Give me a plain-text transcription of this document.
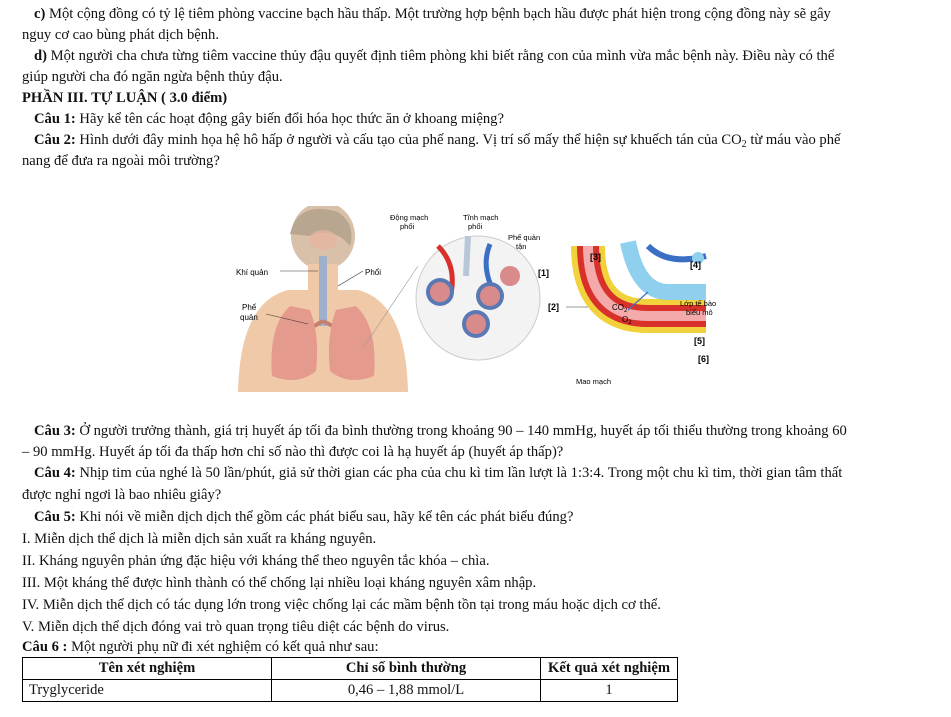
c) Một cộng đồng có tỷ lệ tiêm phòng vaccine bạch hầu thấp. Một trường hợp bệnh bạch hầu được phát hiện trong cộng đồng này sẽ gây
nguy cơ cao bùng phát dịch bệnh.
d) Một người cha chưa từng tiêm vaccine thủy đậu quyết định tiêm phòng khi biết rằng con của mình vừa mắc bệnh này. Điều này có thể
giúp người cha đó ngăn ngừa bệnh thủy đậu.
PHẦN III. TỰ LUẬN ( 3.0 điểm)
Câu 1: Hãy kể tên các hoạt động gây biến đổi hóa học thức ăn ở khoang miệng?
Câu 2: Hình dưới đây minh họa hệ hô hấp ở người và cấu tạo của phế nang. Vị trí số mấy thể hiện sự khuếch tán của $CO_2$ từ máu vào phế
nang để đưa ra ngoài môi trường?
Khí quản	Phổi
Phế
quản
Động mạch
phổi
Tĩnh mạch
phổi
Phế quản
tận
[1]
[3]
[4]
[2]	$CO_2$
$O_2$
Lớp tế bào
biểu mô
[5]
[6]
Mao mạch
Câu 3: Ở người trưởng thành, giá trị huyết áp tối đa bình thường trong khoảng 90 – 140 mmHg, huyết áp tối thiểu thường trong khoảng 60
– 90 mmHg. Huyết áp tối đa thấp hơn chỉ số nào thì được coi là hạ huyết áp (huyết áp thấp)?
Câu 4: Nhịp tim của nghé là 50 lần/phút, giả sử thời gian các pha của chu kì tim lần lượt là 1:3:4. Trong một chu kì tim, thời gian tâm thất
được nghỉ ngơi là bao nhiêu giây?
Câu 5: Khi nói về miễn dịch dịch thể gồm các phát biểu sau, hãy kể tên các phát biểu đúng?
I. Miễn dịch thể dịch là miễn dịch sản xuất ra kháng nguyên.
II. Kháng nguyên phản ứng đặc hiệu với kháng thể theo nguyên tắc khóa – chìa.
III. Một kháng thể được hình thành có thể chống lại nhiều loại kháng nguyên xâm nhập.
IV. Miễn dịch thể dịch có tác dụng lớn trong việc chống lại các mầm bệnh tồn tại trong máu hoặc dịch cơ thể.
V. Miễn dịch thể dịch đóng vai trò quan trọng tiêu diệt các bệnh do virus.
Câu 6 : Một người phụ nữ đi xét nghiệm có kết quả như sau:
Tên xét nghiệm	Chỉ số bình thường	Kết quả xét nghiệm
Tryglyceride	0,46 – 1,88 mmol/L	1
